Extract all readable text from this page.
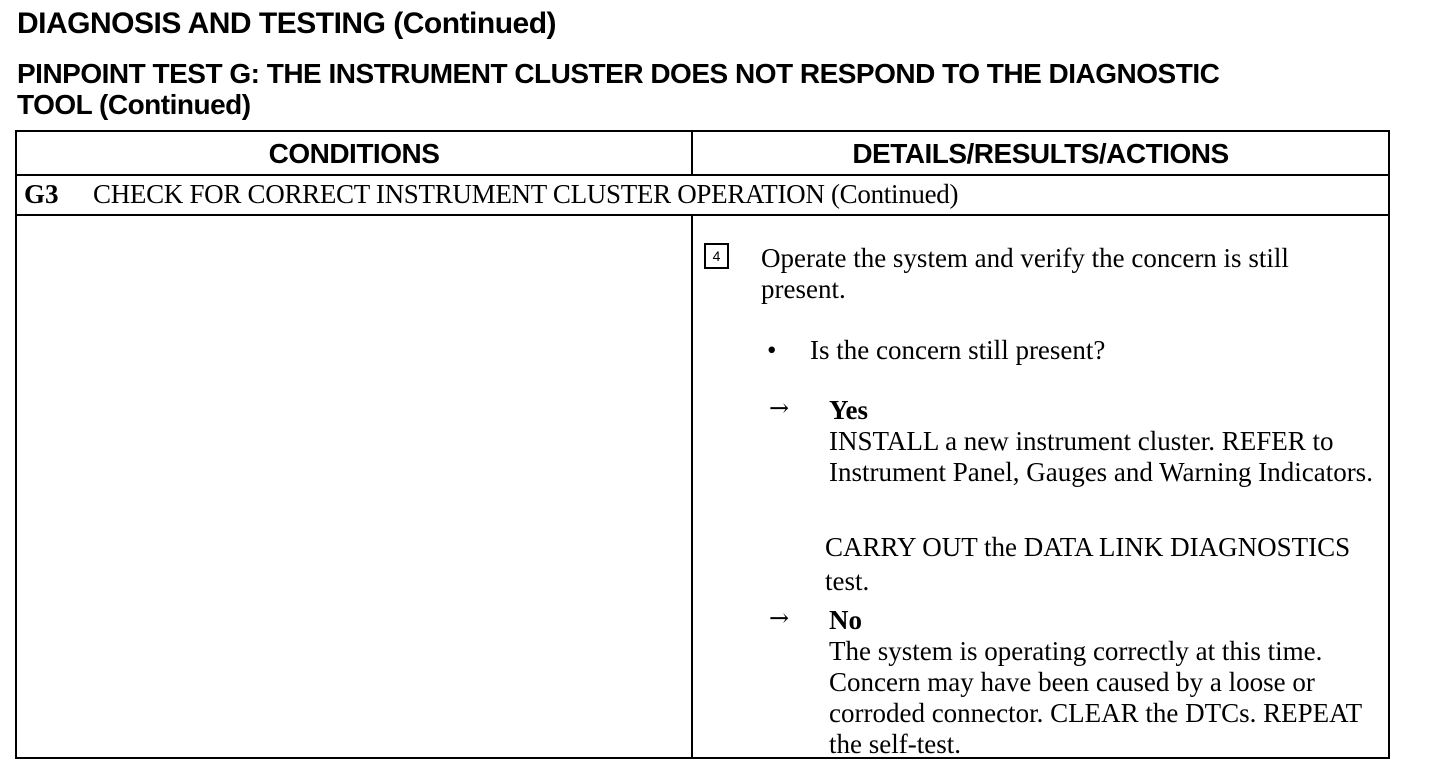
DIAGNOSIS AND TESTING (Continued)
PINPOINT TEST G: THE INSTRUMENT CLUSTER DOES NOT RESPOND TO THE DIAGNOSTIC
TOOL (Continued)
CONDITIONS	DETAILS/RESULTS/ACTIONS
G3 CHECK FOR CORRECT INSTRUMENT CLUSTER OPERATION (Continued)
4	Operate the system and verify the concern is still present.
• Is the concern still present?
→ Yes
INSTALL a new instrument cluster. REFER to Instrument Panel, Gauges and Warning Indicators.
CARRY OUT the DATA LINK DIAGNOSTICS test.
→ No
The system is operating correctly at this time. Concern may have been caused by a loose or corroded connector. CLEAR the DTCs. REPEAT the self-test.
